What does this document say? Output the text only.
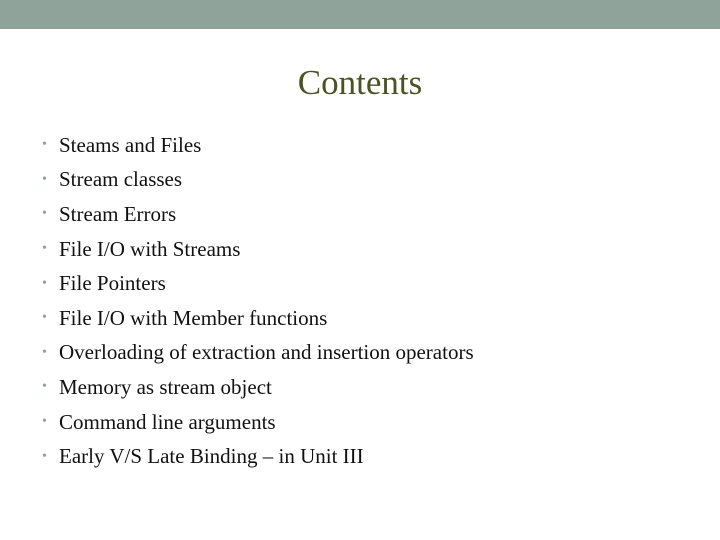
Contents
• Steams and Files
• Stream classes
• Stream Errors
• File I/O with Streams
• File Pointers
• File I/O with Member functions
• Overloading of extraction and insertion operators
• Memory as stream object
• Command line arguments
• Early V/S Late Binding – in Unit III
